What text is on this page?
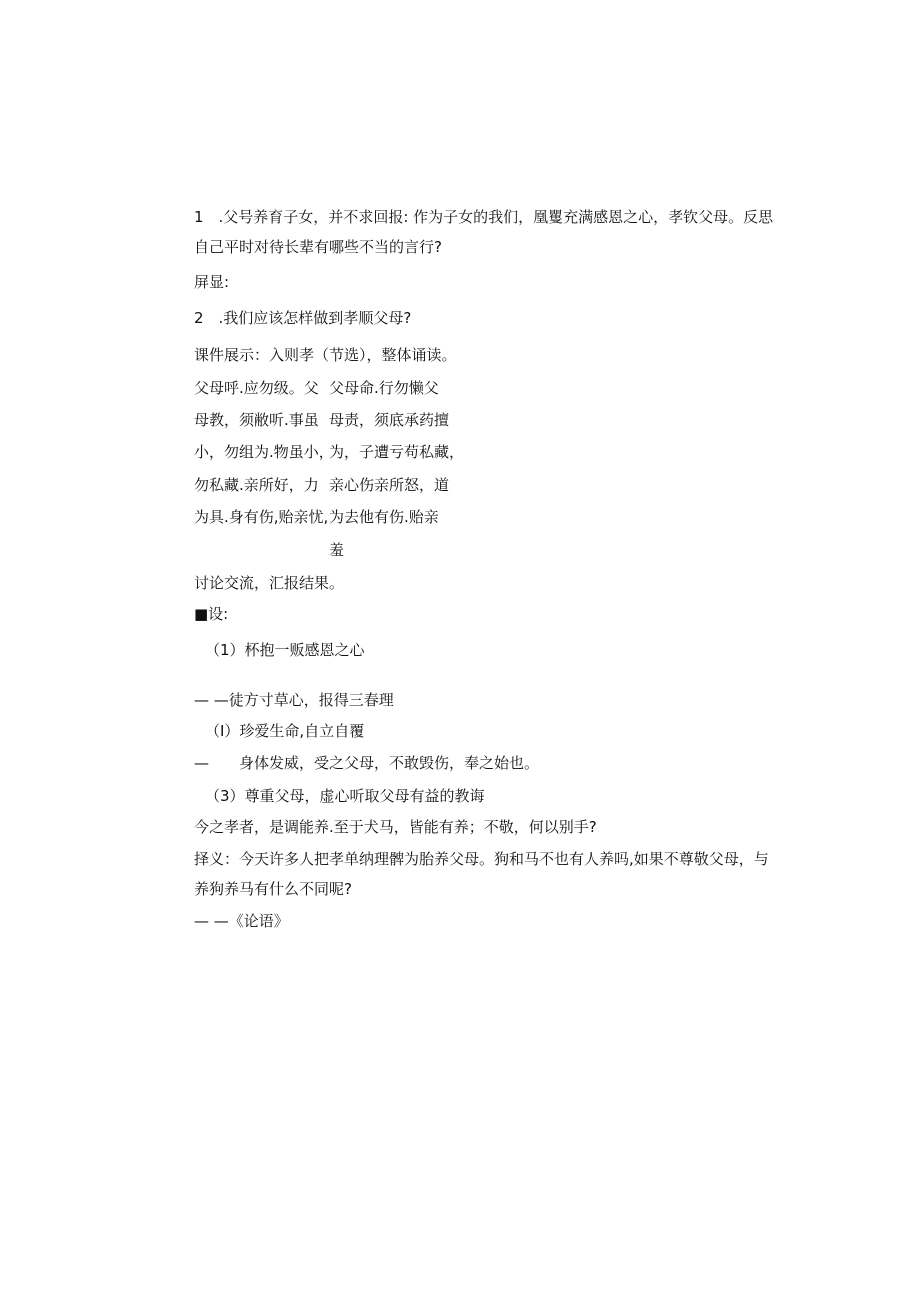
1　.父号养育子女，并不求回报: 作为子女的我们，凰矍充满感恩之心，孝钦父母。反思
自己平时对待长辈有哪些不当的言行?
屏显:
2　.我们应该怎样做到孝顺父母?
课件展示：入则孝（节选），整体诵读。
父母呼.应勿级。父
母教，须敝听.事虽
小，勿组为.物虽小，
勿私藏.亲所好，力
为具.身有伤,贻亲忧,
父母命.行勿懒父
母责，须底承药擅
为，子遭亏苟私藏，
亲心伤亲所怒，道
为去他有伤.贻亲
羞
讨论交流，汇报结果。
■设:
（1）杯抱一贩感恩之心
— —徒方寸草心，报得三春理
（I）珍爱生命,自立自覆
—　　身体发威，受之父母，不敢毁伤，奉之始也。
（3）尊重父母，虚心听取父母有益的教诲
今之孝者，是调能养.至于犬马，皆能有养；不敬，何以别手?
择义：今天许多人把孝单纳理髀为胎养父母。狗和马不也有人养吗,如果不尊敬父母，与
养狗养马有什么不同呢?
— —《论语》
